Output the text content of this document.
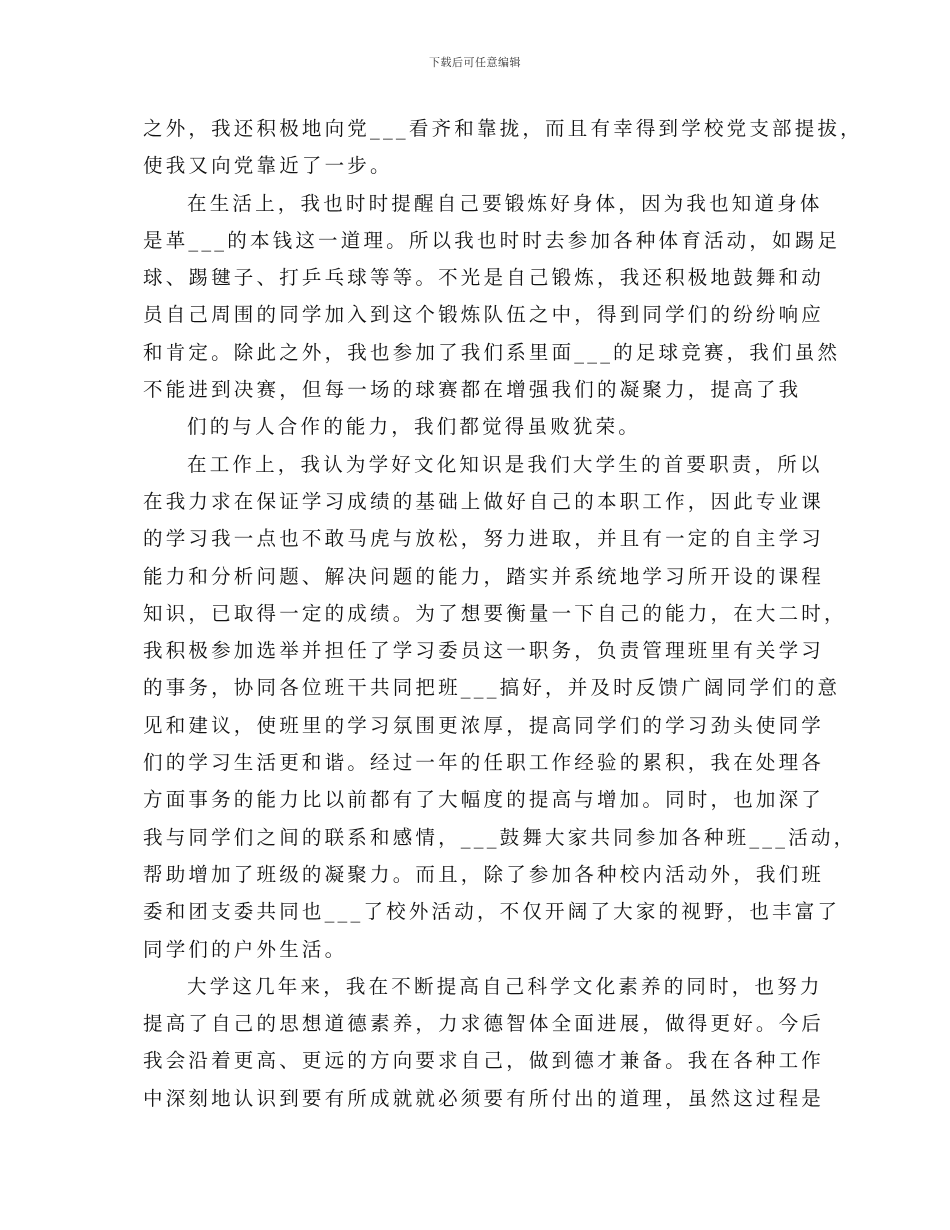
下载后可任意编辑
之外，我还积极地向党___看齐和靠拢，而且有幸得到学校党支部提拔，
使我又向党靠近了一步。
在生活上，我也时时提醒自己要锻炼好身体，因为我也知道身体
是革___的本钱这一道理。所以我也时时去参加各种体育活动，如踢足
球、踢毽子、打乒乓球等等。不光是自己锻炼，我还积极地鼓舞和动
员自己周围的同学加入到这个锻炼队伍之中，得到同学们的纷纷响应
和肯定。除此之外，我也参加了我们系里面___的足球竞赛，我们虽然
不能进到决赛，但每一场的球赛都在增强我们的凝聚力，提高了我
们的与人合作的能力，我们都觉得虽败犹荣。
在工作上，我认为学好文化知识是我们大学生的首要职责，所以
在我力求在保证学习成绩的基础上做好自己的本职工作，因此专业课
的学习我一点也不敢马虎与放松，努力进取，并且有一定的自主学习
能力和分析问题、解决问题的能力，踏实并系统地学习所开设的课程
知识，已取得一定的成绩。为了想要衡量一下自己的能力，在大二时，
我积极参加选举并担任了学习委员这一职务，负责管理班里有关学习
的事务，协同各位班干共同把班___搞好，并及时反馈广阔同学们的意
见和建议，使班里的学习氛围更浓厚，提高同学们的学习劲头使同学
们的学习生活更和谐。经过一年的任职工作经验的累积，我在处理各
方面事务的能力比以前都有了大幅度的提高与增加。同时，也加深了
我与同学们之间的联系和感情，___鼓舞大家共同参加各种班___活动，
帮助增加了班级的凝聚力。而且，除了参加各种校内活动外，我们班
委和团支委共同也___了校外活动，不仅开阔了大家的视野，也丰富了
同学们的户外生活。
大学这几年来，我在不断提高自己科学文化素养的同时，也努力
提高了自己的思想道德素养，力求德智体全面进展，做得更好。今后
我会沿着更高、更远的方向要求自己，做到德才兼备。我在各种工作
中深刻地认识到要有所成就就必须要有所付出的道理，虽然这过程是
